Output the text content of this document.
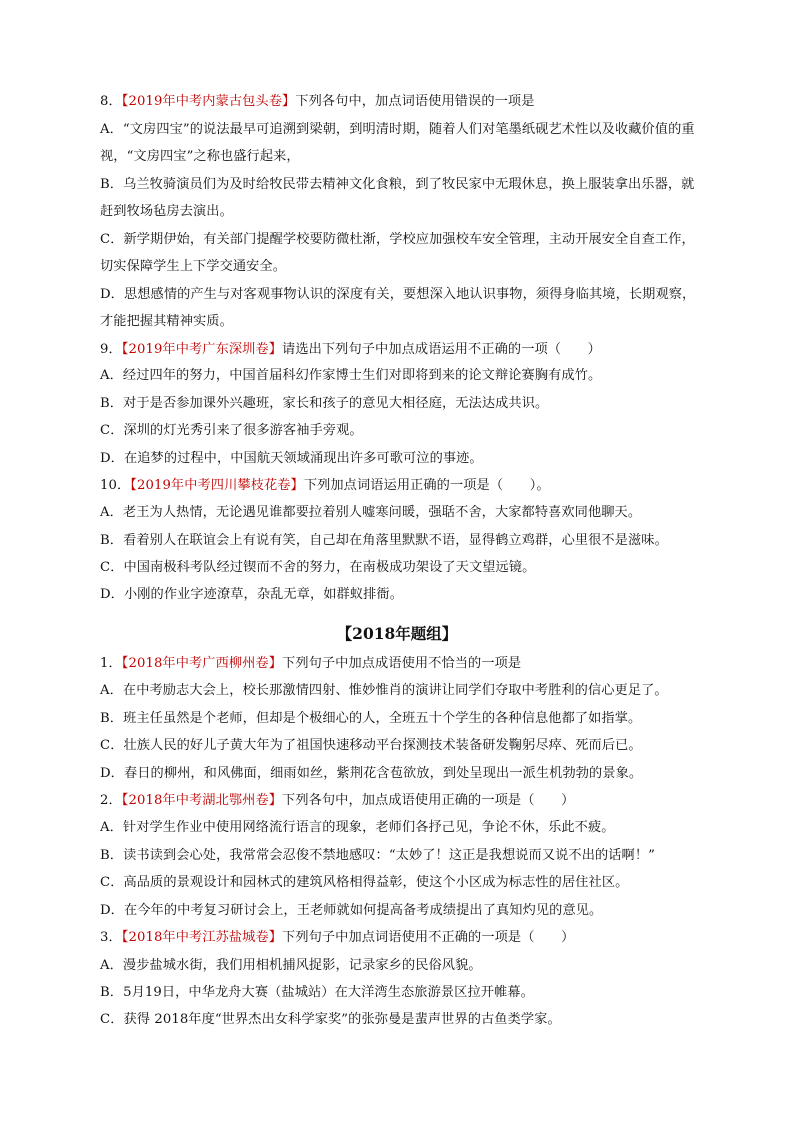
8．【2019年中考内蒙古包头卷】下列各句中，加点词语使用错误的一项是
A．“文房四宝”的说法最早可追溯到梁朝，到明清时期，随着人们对笔墨纸砚艺术性以及收藏价值的重
视，“文房四宝”之称也盛行起来，
B．乌兰牧骑演员们为及时给牧民带去精神文化食粮，到了牧民家中无瑕休息，换上服装拿出乐器，就
赶到牧场毡房去演出。
C．新学期伊始，有关部门提醒学校要防微杜渐，学校应加强校车安全管理，主动开展安全自查工作，
切实保障学生上下学交通安全。
D．思想感情的产生与对客观事物认识的深度有关，要想深入地认识事物，须得身临其境，长期观察，
才能把握其精神实质。
9．【2019年中考广东深圳卷】请选出下列句子中加点成语运用不正确的一项（　　）
A．经过四年的努力，中国首届科幻作家博士生们对即将到来的论文辩论赛胸有成竹。
B．对于是否参加课外兴趣班，家长和孩子的意见大相径庭，无法达成共识。
C．深圳的灯光秀引来了很多游客袖手旁观。
D．在追梦的过程中，中国航天领域涌现出许多可歌可泣的事迹。
10．【2019年中考四川攀枝花卷】下列加点词语运用正确的一项是（　　）。
A．老王为人热情，无论遇见谁都要拉着别人嘘寒问暖，强聒不舍，大家都特喜欢同他聊天。
B．看着别人在联谊会上有说有笑，自己却在角落里默默不语，显得鹤立鸡群，心里很不是滋味。
C．中国南极科考队经过锲而不舍的努力，在南极成功架设了天文望远镜。
D．小刚的作业字迹潦草，杂乱无章，如群蚁排衙。
【2018年题组】
1．【2018年中考广西柳州卷】下列句子中加点成语使用不恰当的一项是
A．在中考励志大会上，校长那激情四射、惟妙惟肖的演讲让同学们夺取中考胜利的信心更足了。
B．班主任虽然是个老师，但却是个极细心的人，全班五十个学生的各种信息他都了如指掌。
C．壮族人民的好儿子黄大年为了祖国快速移动平台探测技术装备研发鞠躬尽瘁、死而后已。
D．春日的柳州，和风佛面，细雨如丝，紫荆花含苞欲放，到处呈现出一派生机勃勃的景象。
2．【2018年中考湖北鄂州卷】下列各句中，加点成语使用正确的一项是（　　）
A．针对学生作业中使用网络流行语言的现象，老师们各抒己见，争论不休，乐此不疲。
B．读书读到会心处，我常常会忍俊不禁地感叹：“太妙了！这正是我想说而又说不出的话啊！”
C．高品质的景观设计和园林式的建筑风格相得益彰，使这个小区成为标志性的居住社区。
D．在今年的中考复习研讨会上，王老师就如何提高备考成绩提出了真知灼见的意见。
3．【2018年中考江苏盐城卷】下列句子中加点词语使用不正确的一项是（　　）
A．漫步盐城水街，我们用相机捕风捉影，记录家乡的民俗风貌。
B．5月19日，中华龙舟大赛（盐城站）在大洋湾生态旅游景区拉开帷幕。
C．获得 2018年度“世界杰出女科学家奖”的张弥曼是蜚声世界的古鱼类学家。
